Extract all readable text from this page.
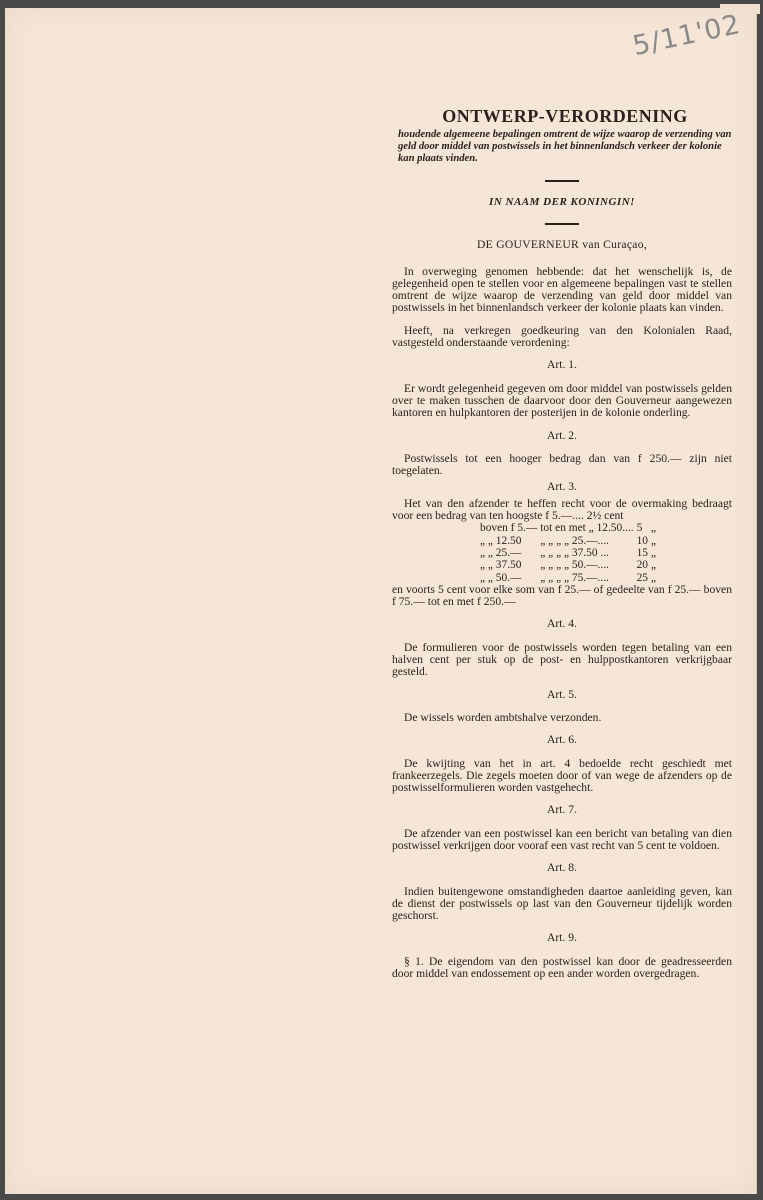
5/11'02
ONTWERP-VERORDENING
houdende algemeene bepalingen omtrent de wijze waarop de verzending van geld door middel van postwissels in het binnenlandsch verkeer der kolonie kan plaats vinden.
IN NAAM DER KONINGIN!
DE GOUVERNEUR van Curaçao,

In overweging genomen hebbende: dat het wenschelijk is, de gelegenheid open te stellen voor en algemeene bepalingen vast te stellen omtrent de wijze waarop de verzending van geld door middel van postwissels in het binnenlandsch verkeer der kolonie plaats kan vinden.

Heeft, na verkregen goedkeuring van den Kolonialen Raad, vastgesteld onderstaande verordening:

Art. 1.

Er wordt gelegenheid gegeven om door middel van postwissels gelden over te maken tusschen de daarvoor door den Gouverneur aangewezen kantoren en hulpkantoren der posterijen in de kolonie onderling.

Art. 2.

Postwissels tot een hooger bedrag dan van f 250.— zijn niet toegelaten.

Art. 3.

Het van den afzender te heffen recht voor de overmaking bedraagt voor een bedrag van ten hoogste f 5.—.... 2½ cent

boven f 5.—	tot en met „ 12.50....	5	„
„ „ 12.50	„ „ „ „ 25.—....	10	„
„ „ 25.—	„ „ „ „ 37.50 ...	15	„
„ „ 37.50	„ „ „ „ 50.—....	20	„
„ „ 50.—	„ „ „ „ 75.—....	25	„

en voorts 5 cent voor elke som van f 25.— of gedeelte van f 25.— boven f 75.— tot en met f 250.—

Art. 4.

De formulieren voor de postwissels worden tegen betaling van een halven cent per stuk op de post- en hulppostkantoren verkrijgbaar gesteld.

Art. 5.

De wissels worden ambtshalve verzonden.

Art. 6.

De kwijting van het in art. 4 bedoelde recht geschiedt met frankeerzegels. Die zegels moeten door of van wege de afzenders op de postwisselformulieren worden vastgehecht.

Art. 7.

De afzender van een postwissel kan een bericht van betaling van dien postwissel verkrijgen door vooraf een vast recht van 5 cent te voldoen.

Art. 8.

Indien buitengewone omstandigheden daartoe aanleiding geven, kan de dienst der postwissels op last van den Gouverneur tijdelijk worden geschorst.

Art. 9.

§ 1. De eigendom van den postwissel kan door de geadresseerden door middel van endossement op een ander worden overgedragen.
